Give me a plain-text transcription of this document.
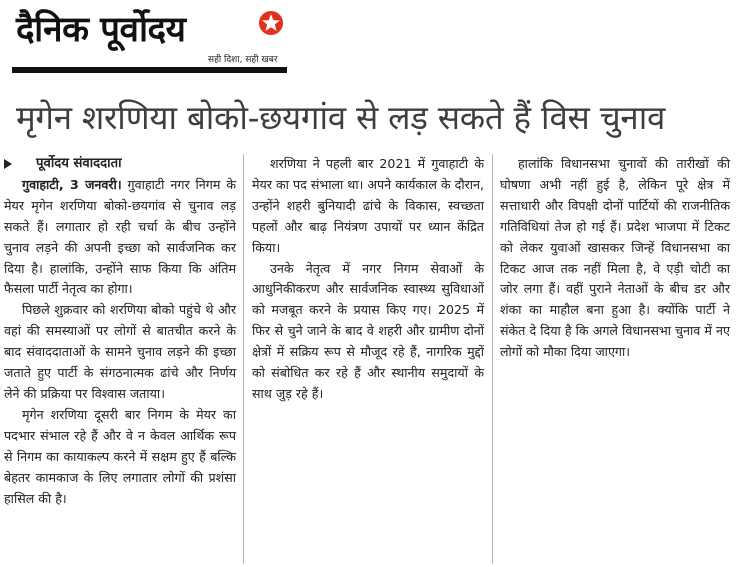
दैनिक पूर्वोदय
सही दिशा, सही खबर
मृगेन शरणिया बोको-छयगांव से लड़ सकते हैं विस चुनाव

पूर्वोदय संवाददाता

गुवाहाटी, 3 जनवरी। गुवाहाटी नगर निगम के मेयर मृगेन शरणिया बोको-छयगांव से चुनाव लड़ सकते हैं। लगातार हो रही चर्चा के बीच उन्होंने चुनाव लड़ने की अपनी इच्छा को सार्वजनिक कर दिया है। हालांकि, उन्होंने साफ किया कि अंतिम फैसला पार्टी नेतृत्व का होगा।

पिछले शुक्रवार को शरणिया बोको पहुंचे थे और वहां की समस्याओं पर लोगों से बातचीत करने के बाद संवाददाताओं के सामने चुनाव लड़ने की इच्छा जताते हुए पार्टी के संगठनात्मक ढांचे और निर्णय लेने की प्रक्रिया पर विश्वास जताया।

मृगेन शरणिया दूसरी बार निगम के मेयर का पदभार संभाल रहे हैं और वे न केवल आर्थिक रूप से निगम का कायाकल्प करने में सक्षम हुए हैं बल्कि बेहतर कामकाज के लिए लगातार लोगों की प्रशंसा हासिल की है।

शरणिया ने पहली बार 2021 में गुवाहाटी के मेयर का पद संभाला था। अपने कार्यकाल के दौरान, उन्होंने शहरी बुनियादी ढांचे के विकास, स्वच्छता पहलों और बाढ़ नियंत्रण उपायों पर ध्यान केंद्रित किया।

उनके नेतृत्व में नगर निगम सेवाओं के आधुनिकीकरण और सार्वजनिक स्वास्थ्य सुविधाओं को मजबूत करने के प्रयास किए गए। 2025 में फिर से चुने जाने के बाद वे शहरी और ग्रामीण दोनों क्षेत्रों में सक्रिय रूप से मौजूद रहे हैं, नागरिक मुद्दों को संबोधित कर रहे हैं और स्थानीय समुदायों के साथ जुड़ रहे हैं।

हालांकि विधानसभा चुनावों की तारीखों की घोषणा अभी नहीं हुई है, लेकिन पूरे क्षेत्र में सत्ताधारी और विपक्षी दोनों पार्टियों की राजनीतिक गतिविधियां तेज हो गई हैं। प्रदेश भाजपा में टिकट को लेकर युवाओं खासकर जिन्हें विधानसभा का टिकट आज तक नहीं मिला है, वे एड़ी चोटी का जोर लगा हैं। वहीं पुराने नेताओं के बीच डर और शंका का माहौल बना हुआ है। क्योंकि पार्टी ने संकेत दे दिया है कि अगले विधानसभा चुनाव में नए लोगों को मौका दिया जाएगा।
